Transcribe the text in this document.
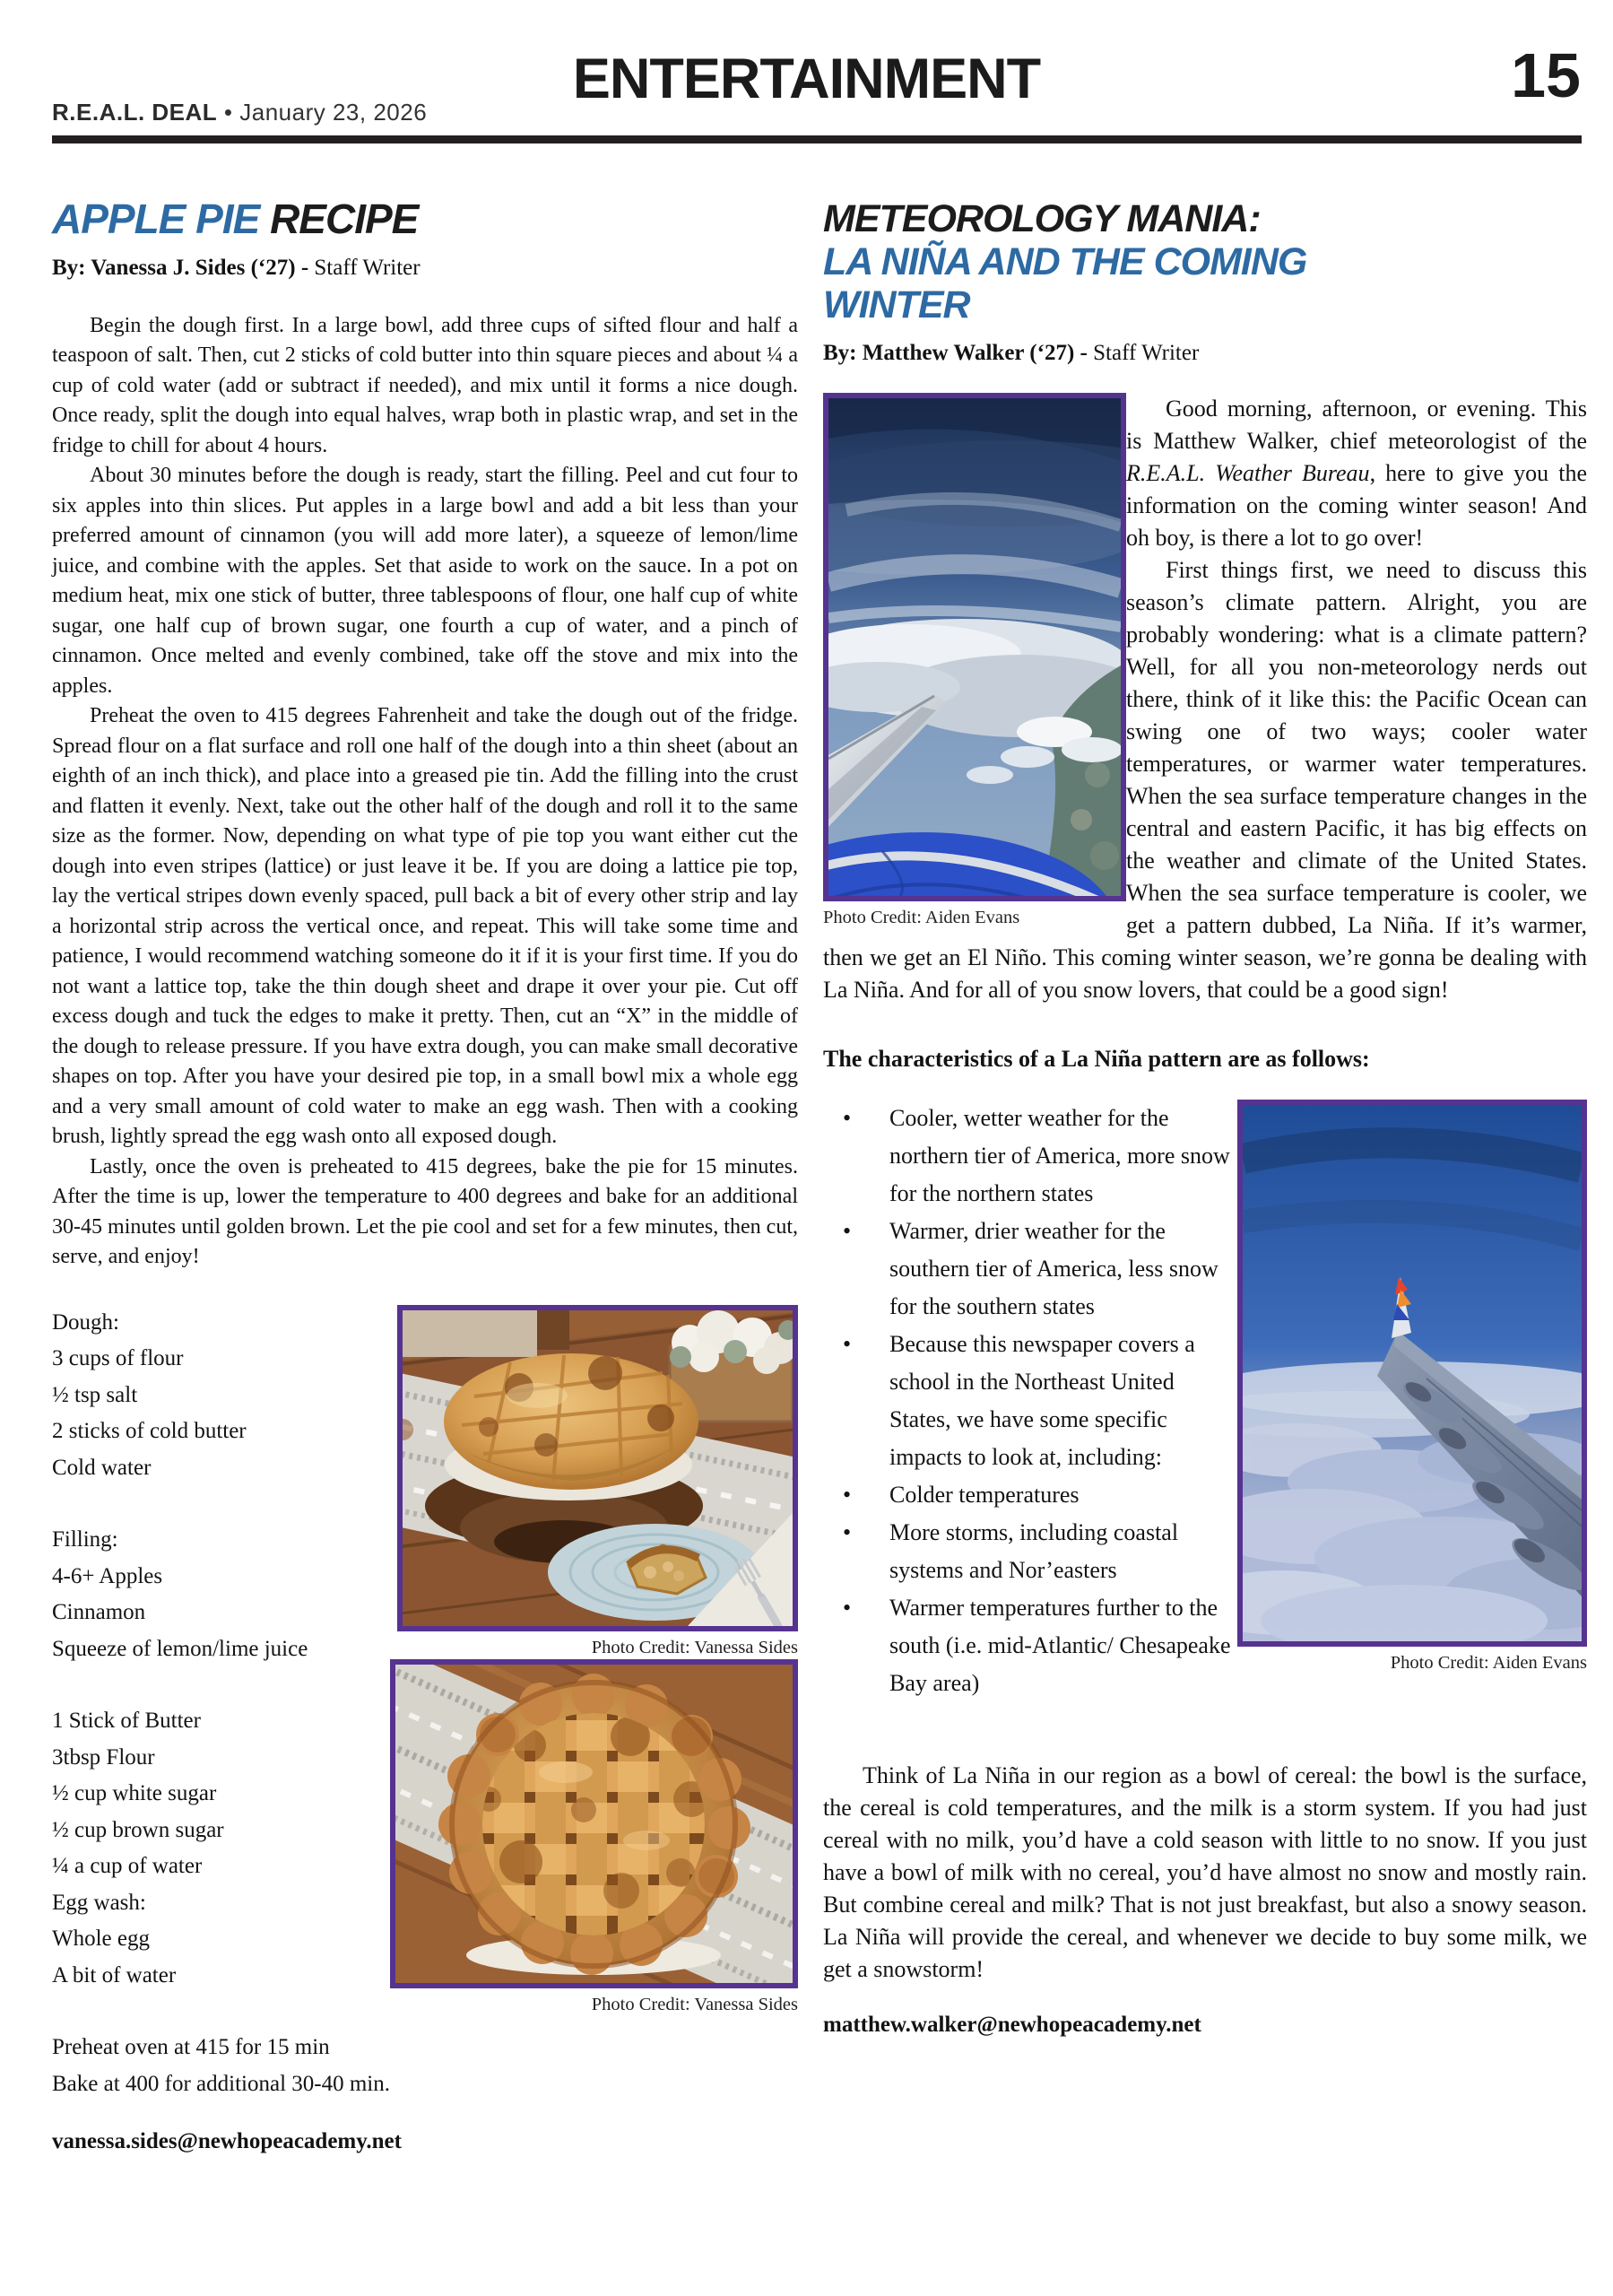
R.E.A.L. DEAL • January 23, 2026
ENTERTAINMENT	15
APPLE PIE RECIPE
By: Vanessa J. Sides (‘27) - Staff Writer

Begin the dough first. In a large bowl, add three cups of sifted flour and half a teaspoon of salt. Then, cut 2 sticks of cold butter into thin square pieces and about ¼ a cup of cold water (add or subtract if needed), and mix until it forms a nice dough. Once ready, split the dough into equal halves, wrap both in plastic wrap, and set in the fridge to chill for about 4 hours.

About 30 minutes before the dough is ready, start the filling. Peel and cut four to six apples into thin slices. Put apples in a large bowl and add a bit less than your preferred amount of cinnamon (you will add more later), a squeeze of lemon/lime juice, and combine with the apples. Set that aside to work on the sauce. In a pot on medium heat, mix one stick of butter, three tablespoons of flour, one half cup of white sugar, one half cup of brown sugar, one fourth a cup of water, and a pinch of cinnamon. Once melted and evenly combined, take off the stove and mix into the apples.

Preheat the oven to 415 degrees Fahrenheit and take the dough out of the fridge. Spread flour on a flat surface and roll one half of the dough into a thin sheet (about an eighth of an inch thick), and place into a greased pie tin. Add the filling into the crust and flatten it evenly. Next, take out the other half of the dough and roll it to the same size as the former. Now, depending on what type of pie top you want either cut the dough into even stripes (lattice) or just leave it be. If you are doing a lattice pie top, lay the vertical stripes down evenly spaced, pull back a bit of every other strip and lay a horizontal strip across the vertical once, and repeat. This will take some time and patience, I would recommend watching someone do it if it is your first time. If you do not want a lattice top, take the thin dough sheet and drape it over your pie. Cut off excess dough and tuck the edges to make it pretty. Then, cut an “X” in the middle of the dough to release pressure. If you have extra dough, you can make small decorative shapes on top. After you have your desired pie top, in a small bowl mix a whole egg and a very small amount of cold water to make an egg wash. Then with a cooking brush, lightly spread the egg wash onto all exposed dough.

Lastly, once the oven is preheated to 415 degrees, bake the pie for 15 minutes. After the time is up, lower the temperature to 400 degrees and bake for an additional 30-45 minutes until golden brown. Let the pie cool and set for a few minutes, then cut, serve, and enjoy!

Photo Credit: Vanessa Sides
Photo Credit: Vanessa Sides
Dough:
3 cups of flour
½ tsp salt
2 sticks of cold butter
Cold water
Filling:
4-6+ Apples
Cinnamon
Squeeze of lemon/lime juice
1 Stick of Butter
3tbsp Flour
½ cup white sugar
½ cup brown sugar
¼ a cup of water
Egg wash:
Whole egg
A bit of water
Preheat oven at 415 for 15 min
Bake at 400 for additional 30-40 min.
vanessa.sides@newhopeacademy.net
METEOROLOGY MANIA:
LA NIÑA AND THE COMING
WINTER
By: Matthew Walker (‘27) - Staff Writer
Photo Credit: Aiden Evans

Good morning, afternoon, or evening. This is Matthew Walker, chief meteorologist of the R.E.A.L. Weather Bureau, here to give you the information on the coming winter season! And oh boy, is there a lot to go over!

First things first, we need to discuss this season’s climate pattern. Alright, you are probably wondering: what is a climate pattern? Well, for all you non-meteorology nerds out there, think of it like this: the Pacific Ocean can swing one of two ways; cooler water temperatures, or warmer water temperatures. When the sea surface temperature changes in the central and eastern Pacific, it has big effects on the weather and climate of the United States. When the sea surface temperature is cooler, we get a pattern dubbed, La Niña. If it’s warmer, then we get an El Niño. This coming winter season, we’re gonna be dealing with La Niña. And for all of you snow lovers, that could be a good sign!

The characteristics of a La Niña pattern are as follows:
Photo Credit: Aiden Evans
• Cooler, wetter weather for the northern tier of America, more snow for the northern states
• Warmer, drier weather for the southern tier of America, less snow for the southern states
• Because this newspaper covers a school in the Northeast United States, we have some specific impacts to look at, including:
• Colder temperatures
• More storms, including coastal systems and Nor’easters
• Warmer temperatures further to the south (i.e. mid-Atlantic/ Chesapeake Bay area)

Think of La Niña in our region as a bowl of cereal: the bowl is the surface, the cereal is cold temperatures, and the milk is a storm system. If you had just cereal with no milk, you’d have a cold season with little to no snow. If you just have a bowl of milk with no cereal, you’d have almost no snow and mostly rain. But combine cereal and milk? That is not just breakfast, but also a snowy season. La Niña will provide the cereal, and whenever we decide to buy some milk, we get a snowstorm!

matthew.walker@newhopeacademy.net
